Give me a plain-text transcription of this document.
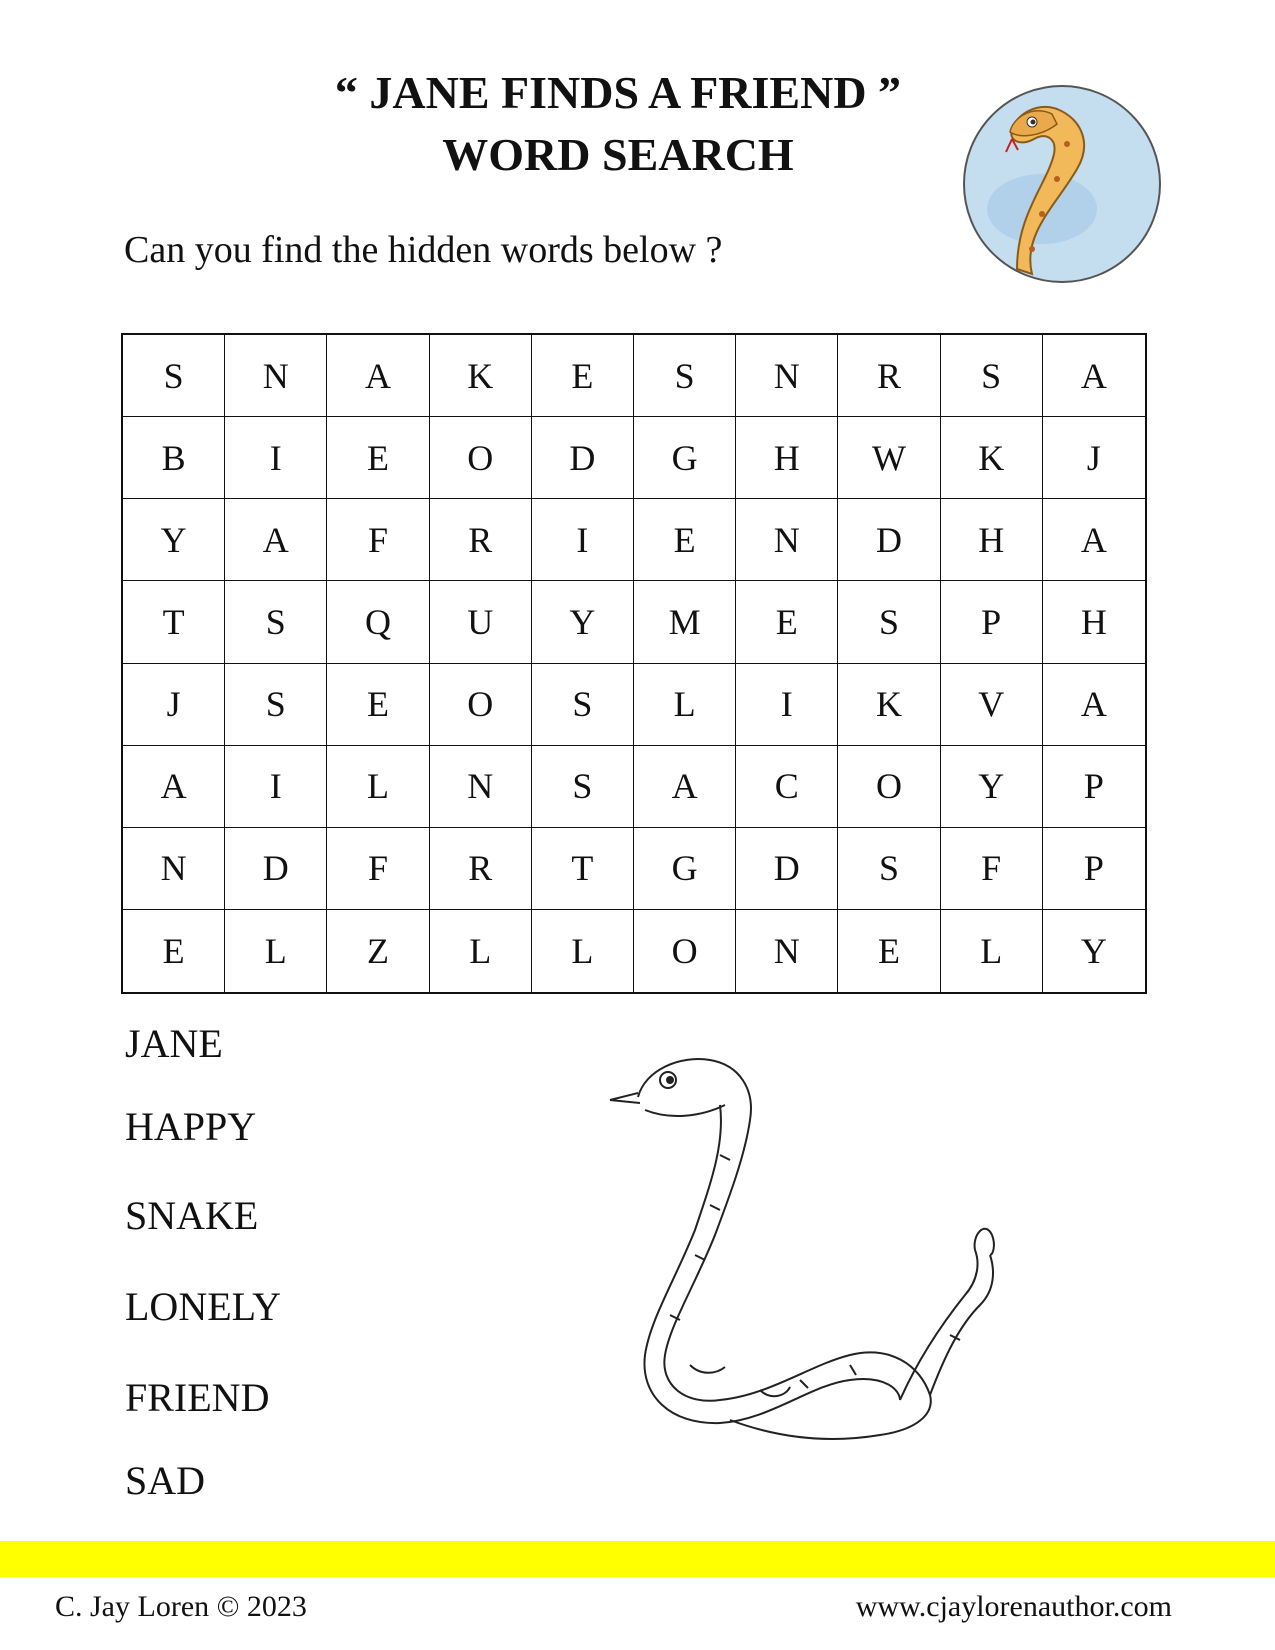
“ JANE FINDS A FRIEND ”
WORD SEARCH
Can you find the hidden words below ?
S	N	A	K	E	S	N	R	S	A
B	I	E	O	D	G	H	W	K	J
Y	A	F	R	I	E	N	D	H	A
T	S	Q	U	Y	M	E	S	P	H
J	S	E	O	S	L	I	K	V	A
A	I	L	N	S	A	C	O	Y	P
N	D	F	R	T	G	D	S	F	P
E	L	Z	L	L	O	N	E	L	Y
JANE
HAPPY
SNAKE
LONELY
FRIEND
SAD
C. Jay Loren © 2023	www.cjaylorenauthor.com
